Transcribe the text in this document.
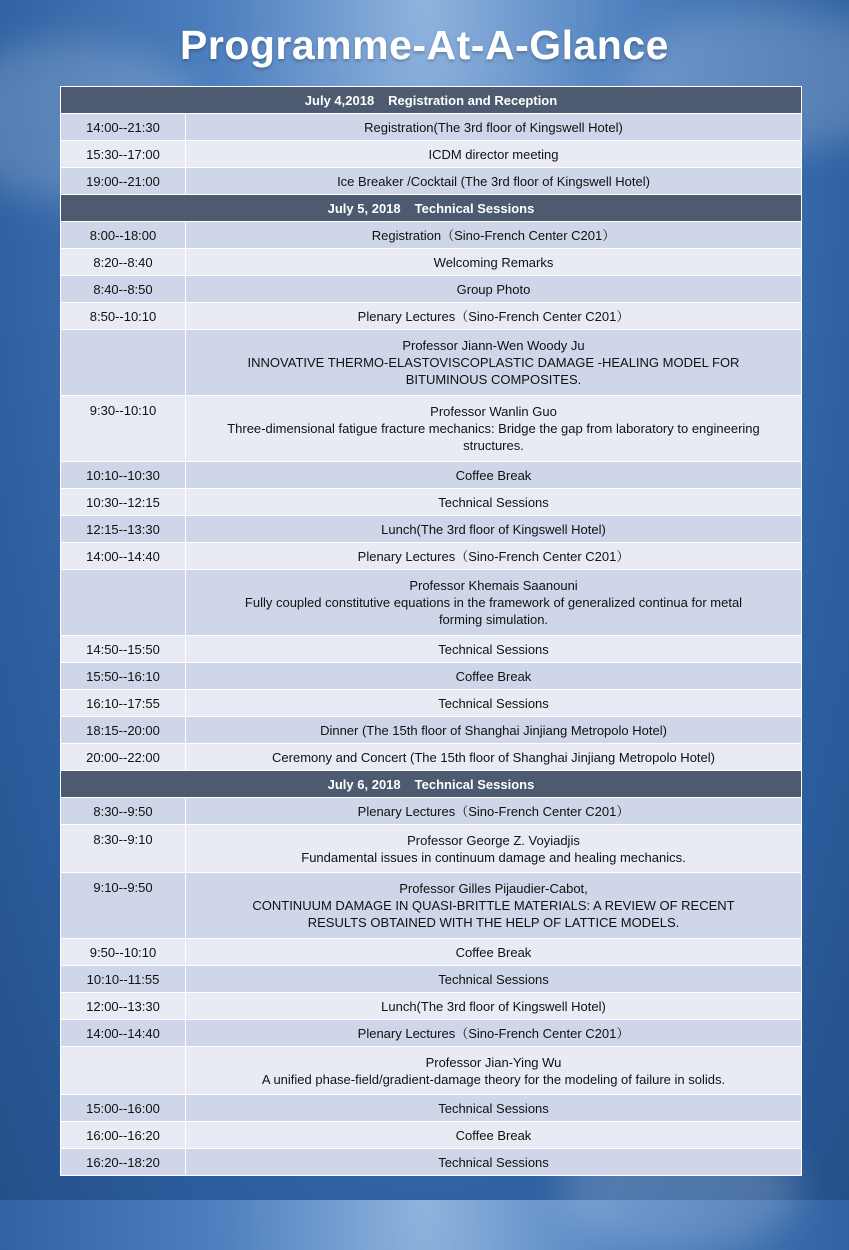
Programme-At-A-Glance
July 4,2018 Registration and Reception	
14:00--21:30	Registration(The 3rd floor of Kingswell Hotel)

15:30--17:00	ICDM director meeting

19:00--21:00	Ice Breaker /Cocktail (The 3rd floor of Kingswell Hotel)

July 5, 2018 Technical Sessions	
8:00--18:00	Registration（Sino-French Center C201）

8:20--8:40	Welcoming Remarks

8:40--8:50	Group Photo

8:50--10:10	Plenary Lectures（Sino-French Center C201）

	Professor Jiann-Wen Woody Ju
INNOVATIVE THERMO-ELASTOVISCOPLASTIC DAMAGE -HEALING MODEL FOR
BITUMINOUS COMPOSITES.

9:30--10:10	Professor Wanlin Guo
Three-dimensional fatigue fracture mechanics: Bridge the gap from laboratory to engineering
structures.

10:10--10:30	Coffee Break

10:30--12:15	Technical Sessions

12:15--13:30	Lunch(The 3rd floor of Kingswell Hotel)

14:00--14:40	Plenary Lectures（Sino-French Center C201）

	Professor Khemais Saanouni
Fully coupled constitutive equations in the framework of generalized continua for metal
forming simulation.

14:50--15:50	Technical Sessions

15:50--16:10	Coffee Break

16:10--17:55	Technical Sessions

18:15--20:00	Dinner (The 15th floor of Shanghai Jinjiang Metropolo Hotel)

20:00--22:00	Ceremony and Concert (The 15th floor of Shanghai Jinjiang Metropolo Hotel)

July 6, 2018 Technical Sessions	
8:30--9:50	Plenary Lectures（Sino-French Center C201）

8:30--9:10	Professor George Z. Voyiadjis
Fundamental issues in continuum damage and healing mechanics.

9:10--9:50	Professor Gilles Pijaudier-Cabot,
CONTINUUM DAMAGE IN QUASI-BRITTLE MATERIALS: A REVIEW OF RECENT
RESULTS OBTAINED WITH THE HELP OF LATTICE MODELS.

9:50--10:10	Coffee Break

10:10--11:55	Technical Sessions

12:00--13:30	Lunch(The 3rd floor of Kingswell Hotel)

14:00--14:40	Plenary Lectures（Sino-French Center C201）

	Professor Jian-Ying Wu
A unified phase-field/gradient-damage theory for the modeling of failure in solids.

15:00--16:00	Technical Sessions

16:00--16:20	Coffee Break

16:20--18:20	Technical Sessions
